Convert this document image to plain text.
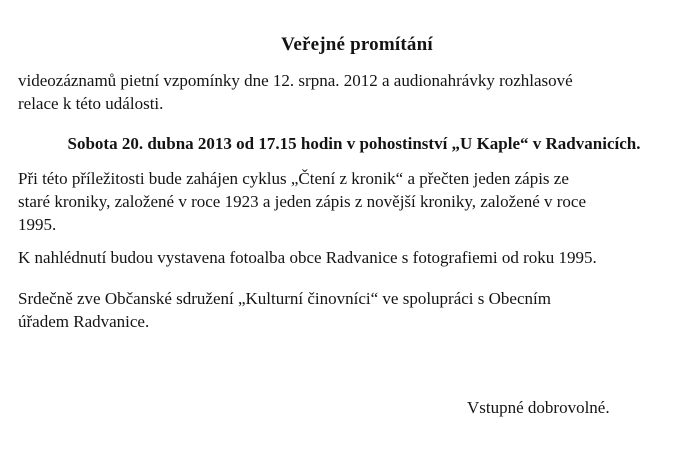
Veřejné promítání
videozáznamů pietní vzpomínky dne 12. srpna. 2012 a audionahrávky rozhlasové
relace k této události.
Sobota 20. dubna 2013 od 17.15 hodin v pohostinství „U Kaple“ v Radvanicích.
Při této příležitosti bude zahájen cyklus „Čtení z kronik“ a přečten jeden zápis ze
staré kroniky, založené v roce 1923 a jeden zápis z novější kroniky, založené v roce
1995.
K nahlédnutí budou vystavena fotoalba obce Radvanice s fotografiemi od roku 1995.
Srdečně zve Občanské sdružení „Kulturní činovníci“ ve spolupráci s Obecním
úřadem Radvanice.
Vstupné dobrovolné.
